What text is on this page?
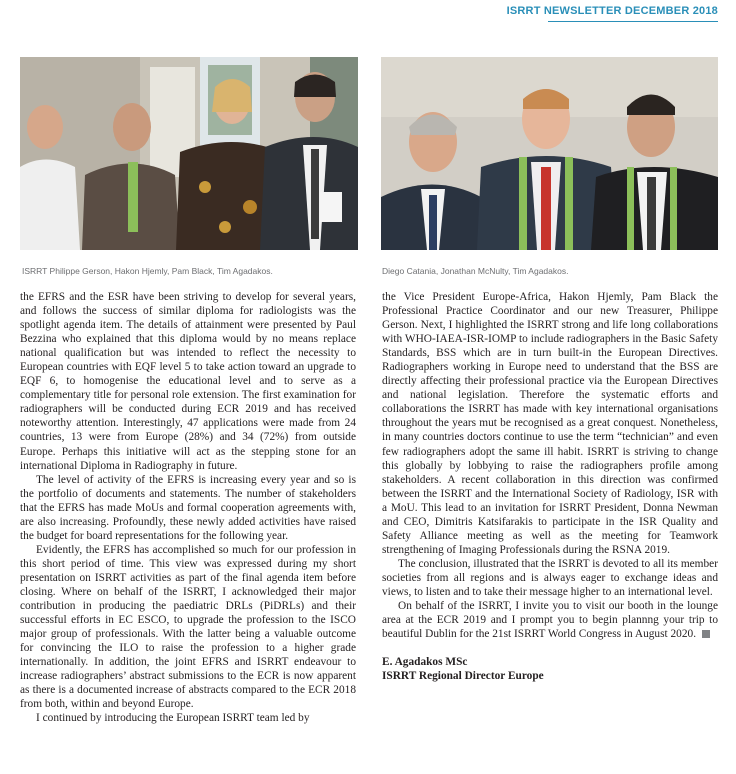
ISRRT NEWSLETTER DECEMBER 2018
ISRRT Philippe Gerson, Hakon Hjemly, Pam Black, Tim Agadakos.	Diego Catania, Jonathan McNulty, Tim Agadakos.

the EFRS and the ESR have been striving to develop for several years, and follows the success of similar diploma for radiologists was the spotlight agenda item. The details of attainment were presented by Paul Bezzina who explained that this diploma would by no means replace national qualification but was intended to reflect the necessity to European countries with EQF level 5 to take action toward an upgrade to EQF 6, to homogenise the educational level and to serve as a complementary title for personal role extension. The first examination for radiographers will be conducted during ECR 2019 and has received noteworthy attention. Interestingly, 47 applications were made from 24 countries, 13 were from Europe (28%) and 34 (72%) from outside Europe. Perhaps this initiative will act as the stepping stone for an international Diploma in Radiography in future.

The level of activity of the EFRS is increasing every year and so is the portfolio of documents and statements. The number of stakeholders that the EFRS has made MoUs and formal cooperation agreements with, are also increasing. Profoundly, these newly added activities have raised the budget for board representations for the following year.

Evidently, the EFRS has accomplished so much for our profession in this short period of time. This view was expressed during my short presentation on ISRRT activities as part of the final agenda item before closing. Where on behalf of the ISRRT, I acknowledged their major contribution in producing the paediatric DRLs (PiDRLs) and their successful efforts in EC ESCO, to upgrade the profession to the ISCO major group of professionals. With the latter being a valuable outcome for convincing the ILO to raise the profession to a higher grade internationally. In addition, the joint EFRS and ISRRT endeavour to increase radiographers’ abstract submissions to the ECR is now apparent as there is a documented increase of abstracts compared to the ECR 2018 from both, within and beyond Europe.

I continued by introducing the European ISRRT team led by

the Vice President Europe-Africa, Hakon Hjemly, Pam Black the Professional Practice Coordinator and our new Treasurer, Philippe Gerson. Next, I highlighted the ISRRT strong and life long collaborations with WHO-IAEA-ISR-IOMP to include radiographers in the Basic Safety Standards, BSS which are in turn built-in the European Directives. Radiographers working in Europe need to understand that the BSS are directly affecting their professional practice via the European Directives and national legislation. Therefore the systematic efforts and collaborations the ISRRT has made with key international organisations throughout the years mut be recognised as a great conquest. Nonetheless, in many countries doctors continue to use the term “technician” and even few radiographers adopt the same ill habit. ISRRT is striving to change this globally by lobbying to raise the radiographers profile among stakeholders. A recent collaboration in this direction was confirmed between the ISRRT and the International Society of Radiology, ISR with a MoU. This lead to an invitation for ISRRT President, Donna Newman and CEO, Dimitris Katsifarakis to participate in the ISR Quality and Safety Alliance meeting as well as the meeting for Teamwork strengthening of Imaging Professionals during the RSNA 2019.

The conclusion, illustrated that the ISRRT is devoted to all its member societies from all regions and is always eager to exchange ideas and views, to listen and to take their message higher to an international level.

On behalf of the ISRRT, I invite you to visit our booth in the lounge area at the ECR 2019 and I prompt you to begin plannng your trip to beautiful Dublin for the 21st ISRRT World Congress in August 2020.

E. Agadakos MSc

ISRRT Regional Director Europe
